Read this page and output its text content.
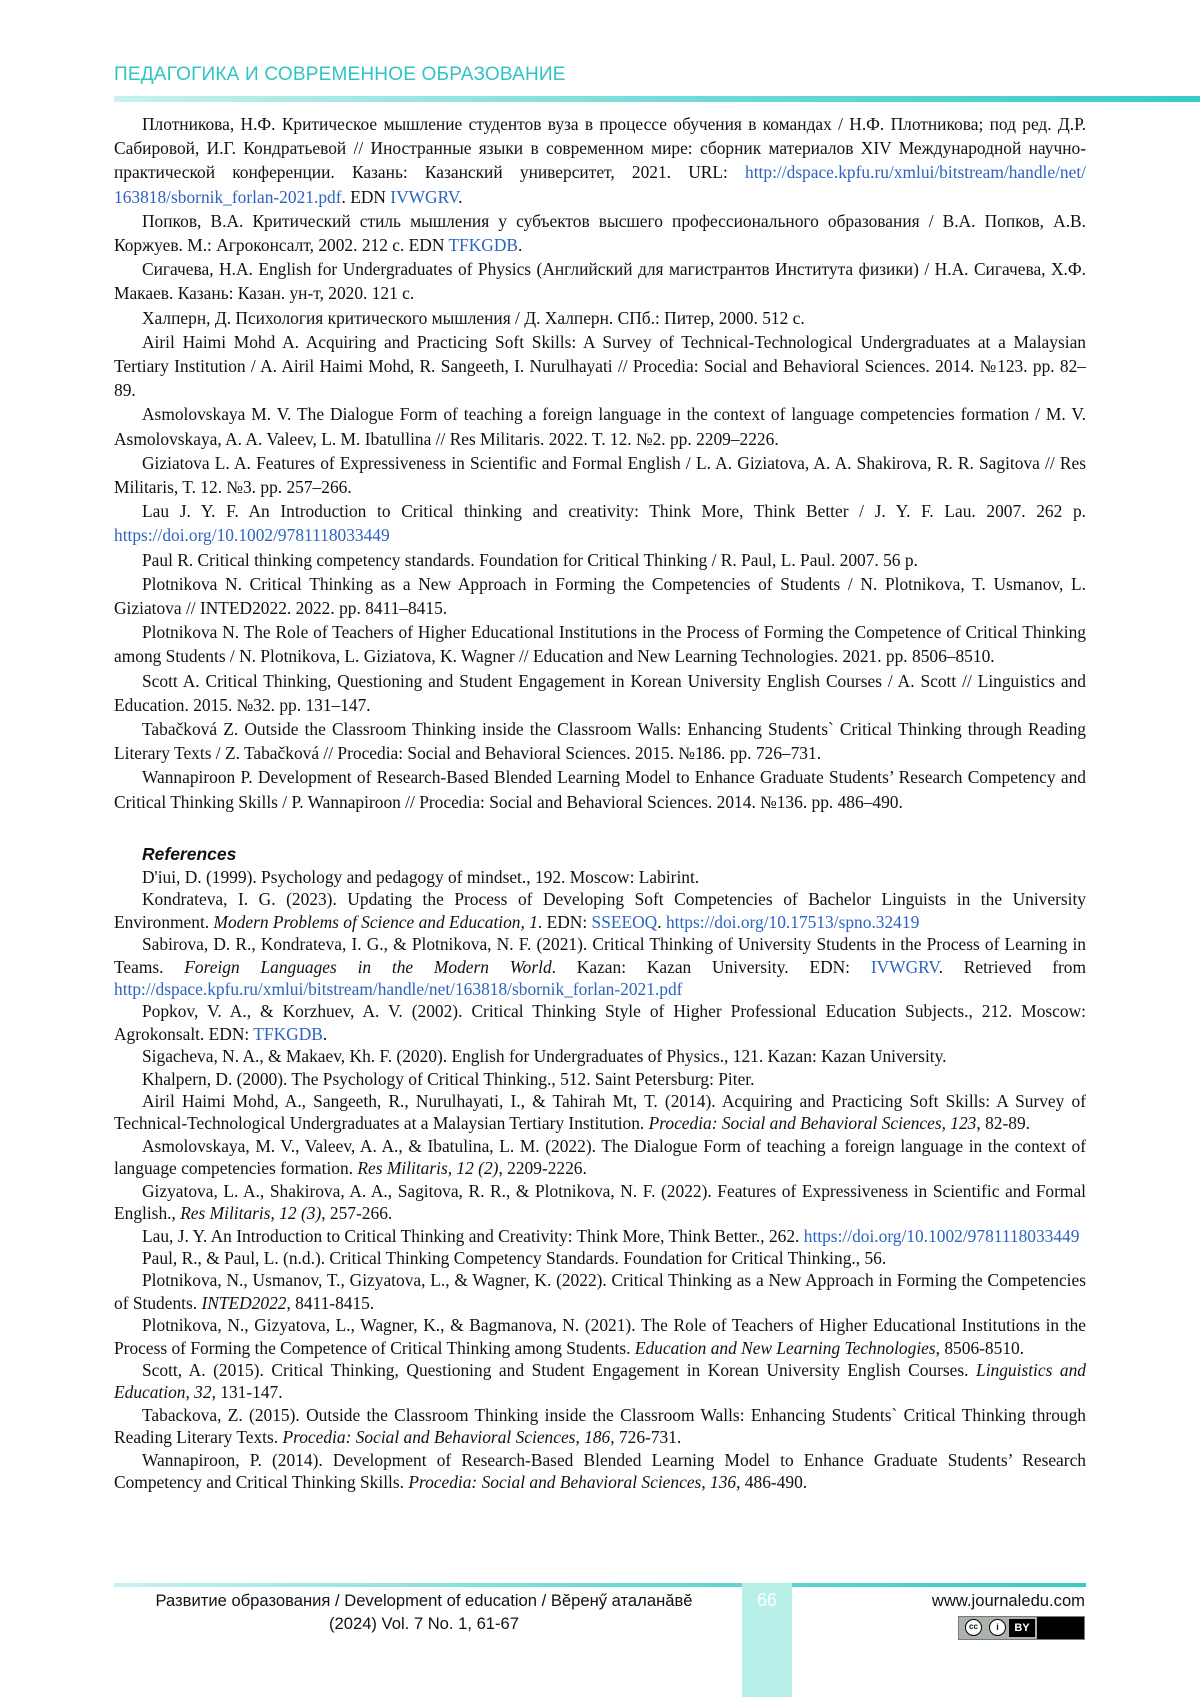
ПЕДАГОГИКА И СОВРЕМЕННОЕ ОБРАЗОВАНИЕ

Плотникова, Н.Ф. Критическое мышление студентов вуза в процессе обучения в командах / Н.Ф. Плотникова; под ред. Д.Р. Сабировой, И.Г. Кондратьевой // Иностранные языки в современном мире: сборник материалов XIV Международной научно-практической конференции. Казань: Казанский университет, 2021. URL: http://dspace.kpfu.ru/xmlui/bitstream/handle/net/ 163818/sbornik_forlan-2021.pdf. EDN IVWGRV.

Попков, В.А. Критический стиль мышления у субъектов высшего профессионального образования / В.А. Попков, А.В. Коржуев. М.: Агроконсалт, 2002. 212 с. EDN TFKGDB.

Сигачева, Н.А. English for Undergraduates of Physics (Английский для магистрантов Института физики) / Н.А. Сигачева, Х.Ф. Макаев. Казань: Казан. ун-т, 2020. 121 с.

Халперн, Д. Психология критического мышления / Д. Халперн. СПб.: Питер, 2000. 512 с.

Airil Haimi Mohd A. Acquiring and Practicing Soft Skills: A Survey of Technical-Technological Undergraduates at a Malaysian Tertiary Institution / A. Airil Haimi Mohd, R. Sangeeth, I. Nurulhayati // Procedia: Social and Behavioral Sciences. 2014. №123. pp. 82–89.

Asmolovskaya M. V. The Dialogue Form of teaching a foreign language in the context of language competencies formation / M. V. Asmolovskaya, A. A. Valeev, L. M. Ibatullina // Res Militaris. 2022. T. 12. №2. pp. 2209–2226.

Giziatova L. A. Features of Expressiveness in Scientific and Formal English / L. A. Giziatova, A. A. Shakirova, R. R. Sagitova // Res Militaris, T. 12. №3. pp. 257–266.

Lau J. Y. F. An Introduction to Critical thinking and creativity: Think More, Think Better / J. Y. F. Lau. 2007. 262 p. https://doi.org/10.1002/9781118033449

Paul R. Critical thinking competency standards. Foundation for Critical Thinking / R. Paul, L. Paul. 2007. 56 p.

Plotnikova N. Critical Thinking as a New Approach in Forming the Competencies of Students / N. Plotnikova, T. Usmanov, L. Giziatova // INTED2022. 2022. pp. 8411–8415.

Plotnikova N. The Role of Teachers of Higher Educational Institutions in the Process of Forming the Competence of Critical Thinking among Students / N. Plotnikova, L. Giziatova, K. Wagner // Education and New Learning Technologies. 2021. pp. 8506–8510.

Scott A. Critical Thinking, Questioning and Student Engagement in Korean University English Courses / A. Scott // Linguistics and Education. 2015. №32. pp. 131–147.

Tabačková Z. Outside the Classroom Thinking inside the Classroom Walls: Enhancing Students` Critical Thinking through Reading Literary Texts / Z. Tabačková // Procedia: Social and Behavioral Sciences. 2015. №186. pp. 726–731.

Wannapiroon P. Development of Research-Based Blended Learning Model to Enhance Graduate Students’ Research Competency and Critical Thinking Skills / P. Wannapiroon // Procedia: Social and Behavioral Sciences. 2014. №136. pp. 486–490.

References

D'iui, D. (1999). Psychology and pedagogy of mindset., 192. Moscow: Labirint.

Kondrateva, I. G. (2023). Updating the Process of Developing Soft Competencies of Bachelor Linguists in the University Environment. Modern Problems of Science and Education, 1. EDN: SSEEOQ. https://doi.org/10.17513/spno.32419

Sabirova, D. R., Kondrateva, I. G., & Plotnikova, N. F. (2021). Critical Thinking of University Students in the Process of Learning in Teams. Foreign Languages in the Modern World. Kazan: Kazan University. EDN: IVWGRV. Retrieved from http://dspace.kpfu.ru/xmlui/bitstream/handle/net/163818/sbornik_forlan-2021.pdf

Popkov, V. A., & Korzhuev, A. V. (2002). Critical Thinking Style of Higher Professional Education Subjects., 212. Moscow: Agrokonsalt. EDN: TFKGDB.

Sigacheva, N. A., & Makaev, Kh. F. (2020). English for Undergraduates of Physics., 121. Kazan: Kazan University.

Khalpern, D. (2000). The Psychology of Critical Thinking., 512. Saint Petersburg: Piter.

Airil Haimi Mohd, A., Sangeeth, R., Nurulhayati, I., & Tahirah Mt, T. (2014). Acquiring and Practicing Soft Skills: A Survey of Technical-Technological Undergraduates at a Malaysian Tertiary Institution. Procedia: Social and Behavioral Sciences, 123, 82-89.

Asmolovskaya, M. V., Valeev, A. A., & Ibatulina, L. M. (2022). The Dialogue Form of teaching a foreign language in the context of language competencies formation. Res Militaris, 12 (2), 2209-2226.

Gizyatova, L. A., Shakirova, A. A., Sagitova, R. R., & Plotnikova, N. F. (2022). Features of Expressiveness in Scientific and Formal English., Res Militaris, 12 (3), 257-266.

Lau, J. Y. An Introduction to Critical Thinking and Creativity: Think More, Think Better., 262. https://doi.org/10.1002/9781118033449

Paul, R., & Paul, L. (n.d.). Critical Thinking Competency Standards. Foundation for Critical Thinking., 56.

Plotnikova, N., Usmanov, T., Gizyatova, L., & Wagner, K. (2022). Critical Thinking as a New Approach in Forming the Competencies of Students. INTED2022, 8411-8415.

Plotnikova, N., Gizyatova, L., Wagner, K., & Bagmanova, N. (2021). The Role of Teachers of Higher Educational Institutions in the Process of Forming the Competence of Critical Thinking among Students. Education and New Learning Technologies, 8506-8510.

Scott, A. (2015). Critical Thinking, Questioning and Student Engagement in Korean University English Courses. Linguistics and Education, 32, 131-147.

Tabackova, Z. (2015). Outside the Classroom Thinking inside the Classroom Walls: Enhancing Students` Critical Thinking through Reading Literary Texts. Procedia: Social and Behavioral Sciences, 186, 726-731.

Wannapiroon, P. (2014). Development of Research-Based Blended Learning Model to Enhance Graduate Students’ Research Competency and Critical Thinking Skills. Procedia: Social and Behavioral Sciences, 136, 486-490.

66
Развитие образования / Development of education / Вĕренӳ аталанăвĕ
(2024) Vol. 7 No. 1, 61-67
www.journaledu.com
cc	i	BY
